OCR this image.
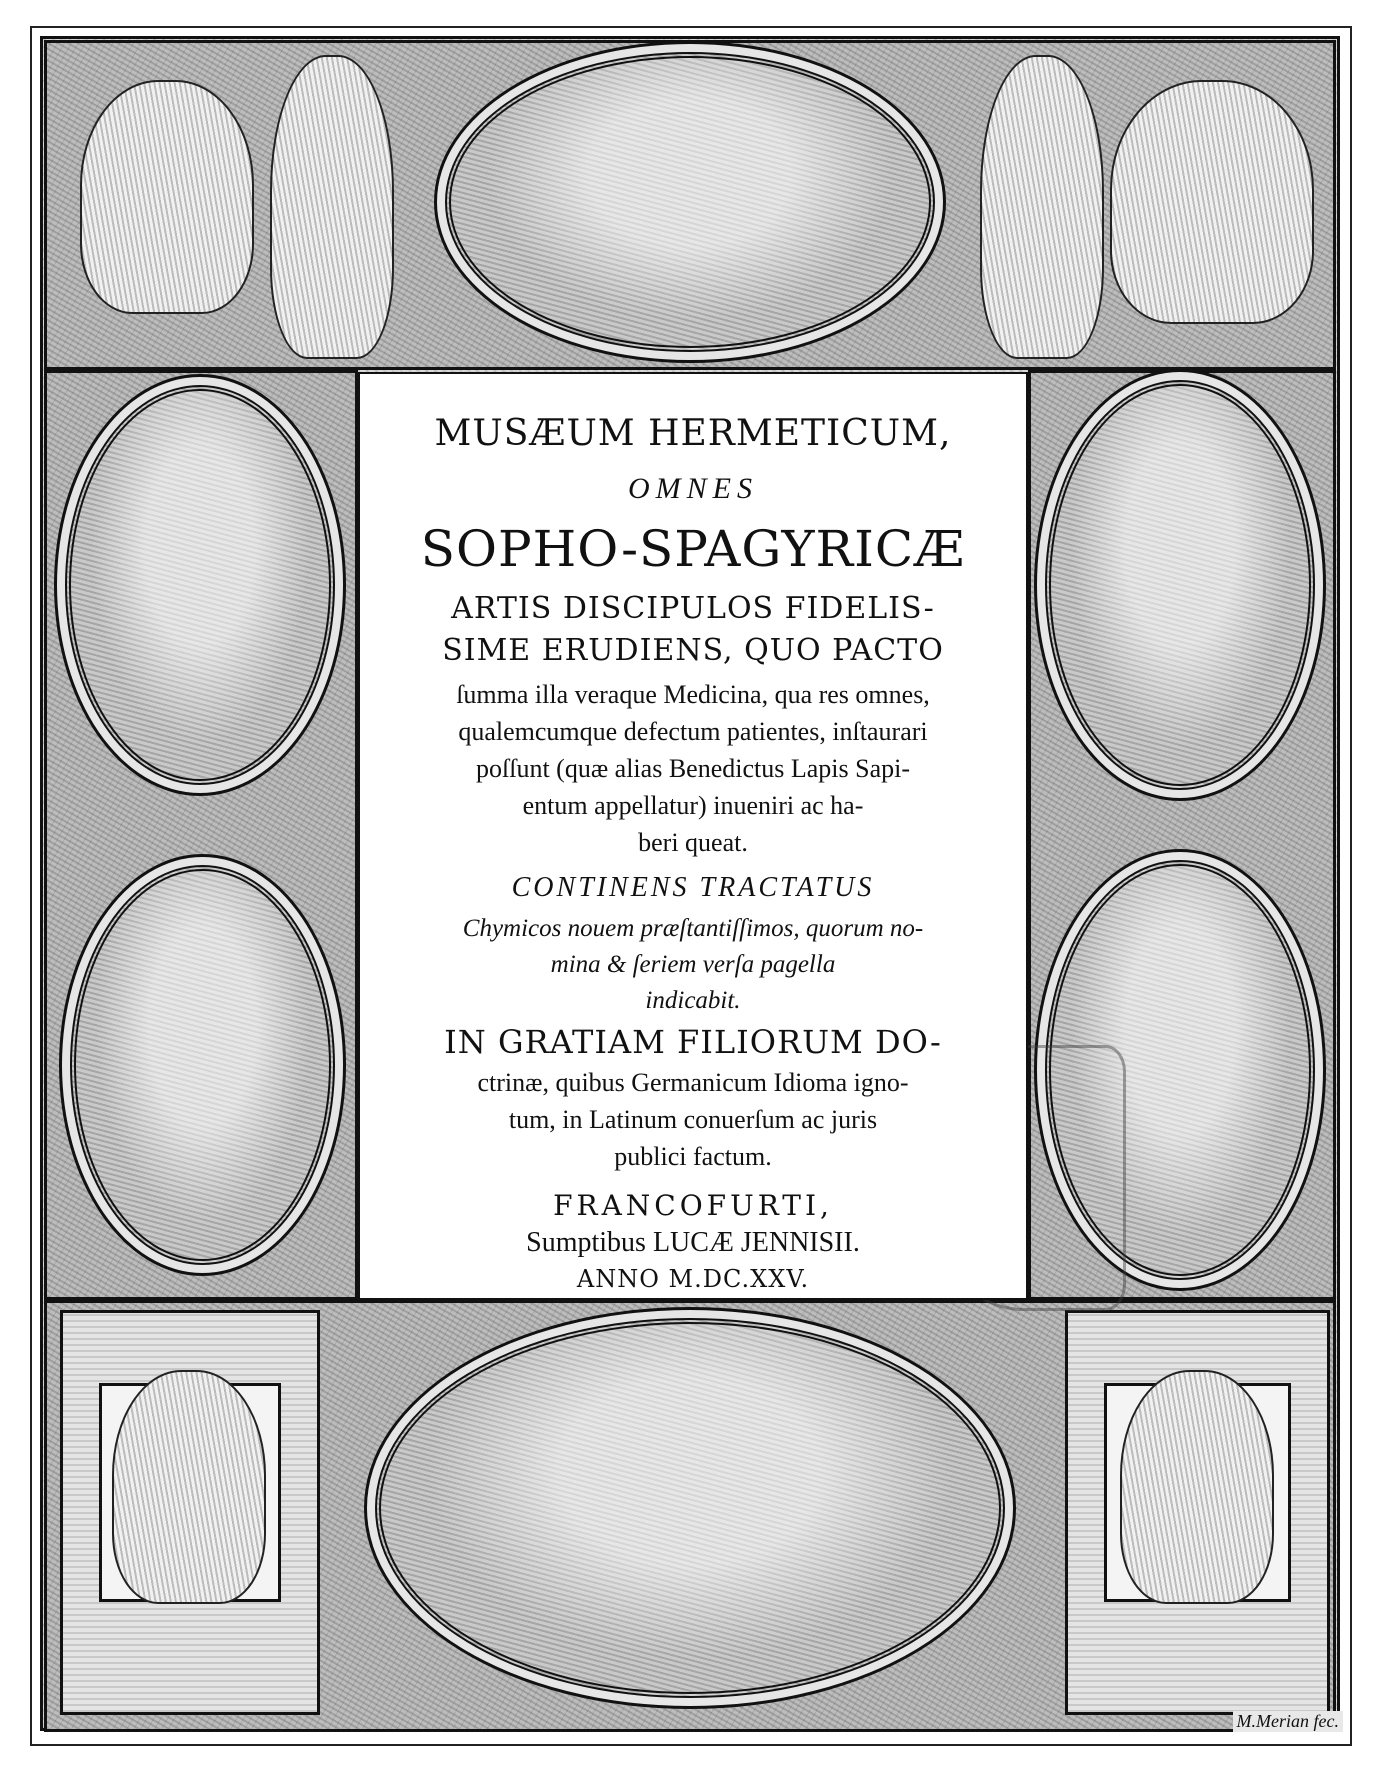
MUSÆUM HERMETICUM,
OMNES
SOPHO-SPAGYRICÆ
ARTIS DISCIPULOS FIDELIS-
SIME ERUDIENS, QUO PACTO
ſumma illa veraque Medicina, qua res omnes,
qualemcumque defectum patientes, inſtaurari
poſſunt (quæ alias Benedictus Lapis Sapi-
entum appellatur) inueniri ac ha-
beri queat.
CONTINENS TRACTATUS
Chymicos nouem præſtantiſſimos, quorum no-
mina & ſeriem verſa pagella
indicabit.
IN GRATIAM FILIORUM DO-
ctrinæ, quibus Germanicum Idioma igno-
tum, in Latinum conuerſum ac juris
publici factum.
FRANCOFURTI,
Sumptibus LUCÆ JENNISII.
ANNO M.DC.XXV.
M.Merian fec.
